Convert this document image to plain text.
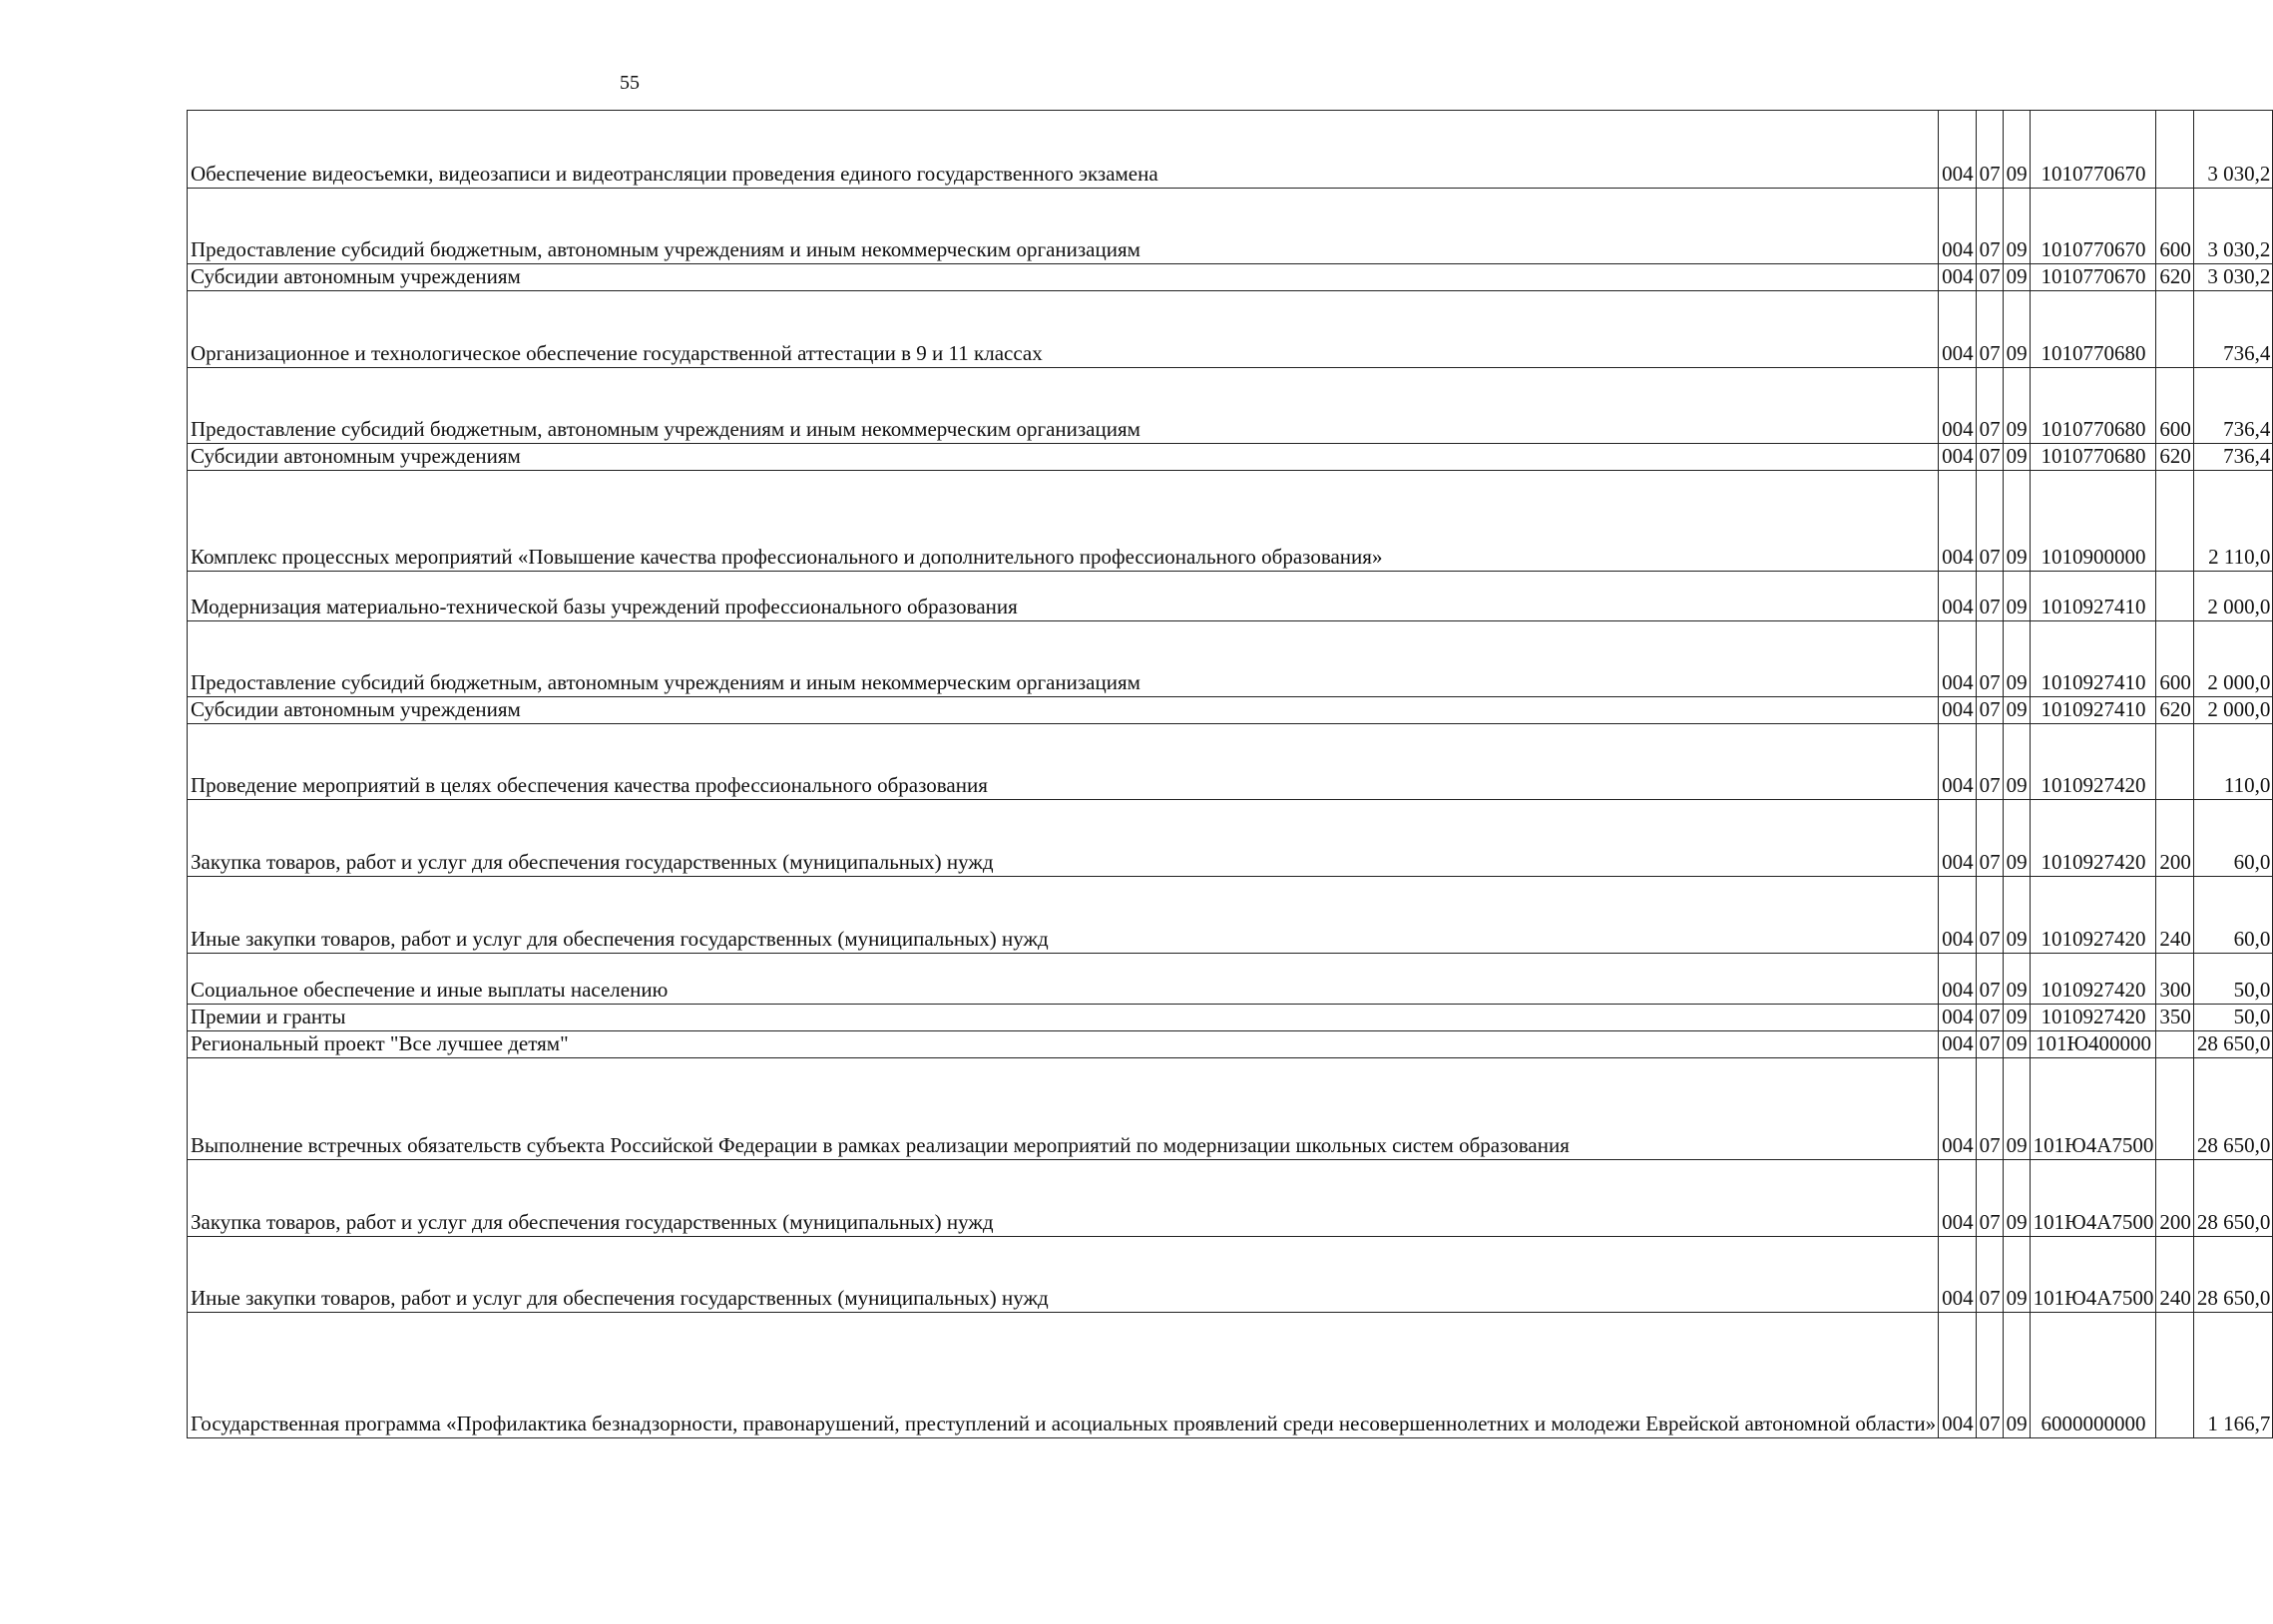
55
Обеспечение видеосъемки, видеозаписи и видеотрансляции проведения единого государственного экзамена	004	07	09	1010770670		3 030,2
Предоставление субсидий бюджетным, автономным учреждениям и иным некоммерческим организациям	004	07	09	1010770670	600	3 030,2
Субсидии автономным учреждениям	004	07	09	1010770670	620	3 030,2
Организационное и технологическое обеспечение государственной аттестации в 9 и 11 классах	004	07	09	1010770680		736,4
Предоставление субсидий бюджетным, автономным учреждениям и иным некоммерческим организациям	004	07	09	1010770680	600	736,4
Субсидии автономным учреждениям	004	07	09	1010770680	620	736,4
Комплекс процессных мероприятий «Повышение качества профессионального и дополнительного профессионального образования»	004	07	09	1010900000		2 110,0
Модернизация материально-технической базы учреждений профессионального образования	004	07	09	1010927410		2 000,0
Предоставление субсидий бюджетным, автономным учреждениям и иным некоммерческим организациям	004	07	09	1010927410	600	2 000,0
Субсидии автономным учреждениям	004	07	09	1010927410	620	2 000,0
Проведение мероприятий в целях обеспечения качества профессионального образования	004	07	09	1010927420		110,0
Закупка товаров, работ и услуг для обеспечения государственных (муниципальных) нужд	004	07	09	1010927420	200	60,0
Иные закупки товаров, работ и услуг для обеспечения государственных (муниципальных) нужд	004	07	09	1010927420	240	60,0
Социальное обеспечение и иные выплаты населению	004	07	09	1010927420	300	50,0
Премии и гранты	004	07	09	1010927420	350	50,0
Региональный проект "Все лучшее детям"	004	07	09	101Ю400000		28 650,0
Выполнение встречных обязательств субъекта Российской Федерации в рамках реализации мероприятий по модернизации школьных систем образования	004	07	09	101Ю4А7500		28 650,0
Закупка товаров, работ и услуг для обеспечения государственных (муниципальных) нужд	004	07	09	101Ю4А7500	200	28 650,0
Иные закупки товаров, работ и услуг для обеспечения государственных (муниципальных) нужд	004	07	09	101Ю4А7500	240	28 650,0
Государственная программа «Профилактика безнадзорности, правонарушений, преступлений и асоциальных проявлений среди несовершеннолетних и молодежи Еврейской автономной области»	004	07	09	6000000000		1 166,7
